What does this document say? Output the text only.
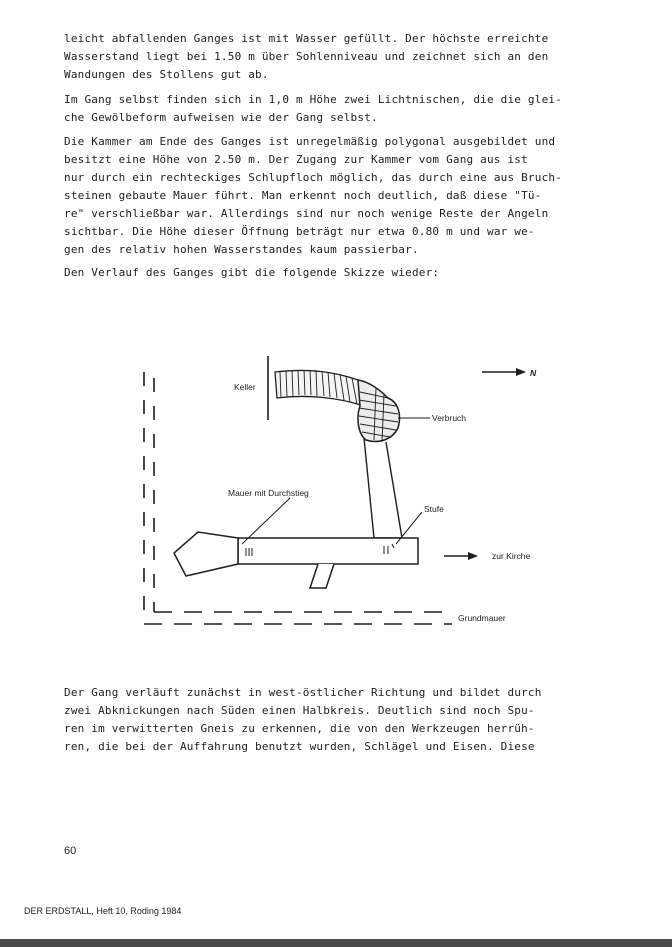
leicht abfallenden Ganges ist mit Wasser gefüllt. Der höchste erreichte
Wasserstand liegt bei 1.50 m über Sohlenniveau und zeichnet sich an den
Wandungen des Stollens gut ab.
Im Gang selbst finden sich in 1,0 m Höhe zwei Lichtnischen, die die glei-
che Gewölbeform aufweisen wie der Gang selbst.
Die Kammer am Ende des Ganges ist unregelmäßig polygonal ausgebildet und
besitzt eine Höhe von 2.50 m. Der Zugang zur Kammer vom Gang aus ist
nur durch ein rechteckiges Schlupfloch möglich, das durch eine aus Bruch-
steinen gebaute Mauer führt. Man erkennt noch deutlich, daß diese "Tü-
re" verschließbar war. Allerdings sind nur noch wenige Reste der Angeln
sichtbar. Die Höhe dieser Öffnung beträgt nur etwa 0.80 m und war we-
gen des relativ hohen Wasserstandes kaum passierbar.
Den Verlauf des Ganges gibt die folgende Skizze wieder:
Keller
N
Verbruch
Mauer mit Durchstieg
Stufe
zur Kirche
Grundmauer
Der Gang verläuft zunächst in west-östlicher Richtung und bildet durch
zwei Abknickungen nach Süden einen Halbkreis. Deutlich sind noch Spu-
ren im verwitterten Gneis zu erkennen, die von den Werkzeugen herrüh-
ren, die bei der Auffahrung benutzt wurden, Schlägel und Eisen. Diese
60
DER ERDSTALL, Heft 10, Roding 1984
